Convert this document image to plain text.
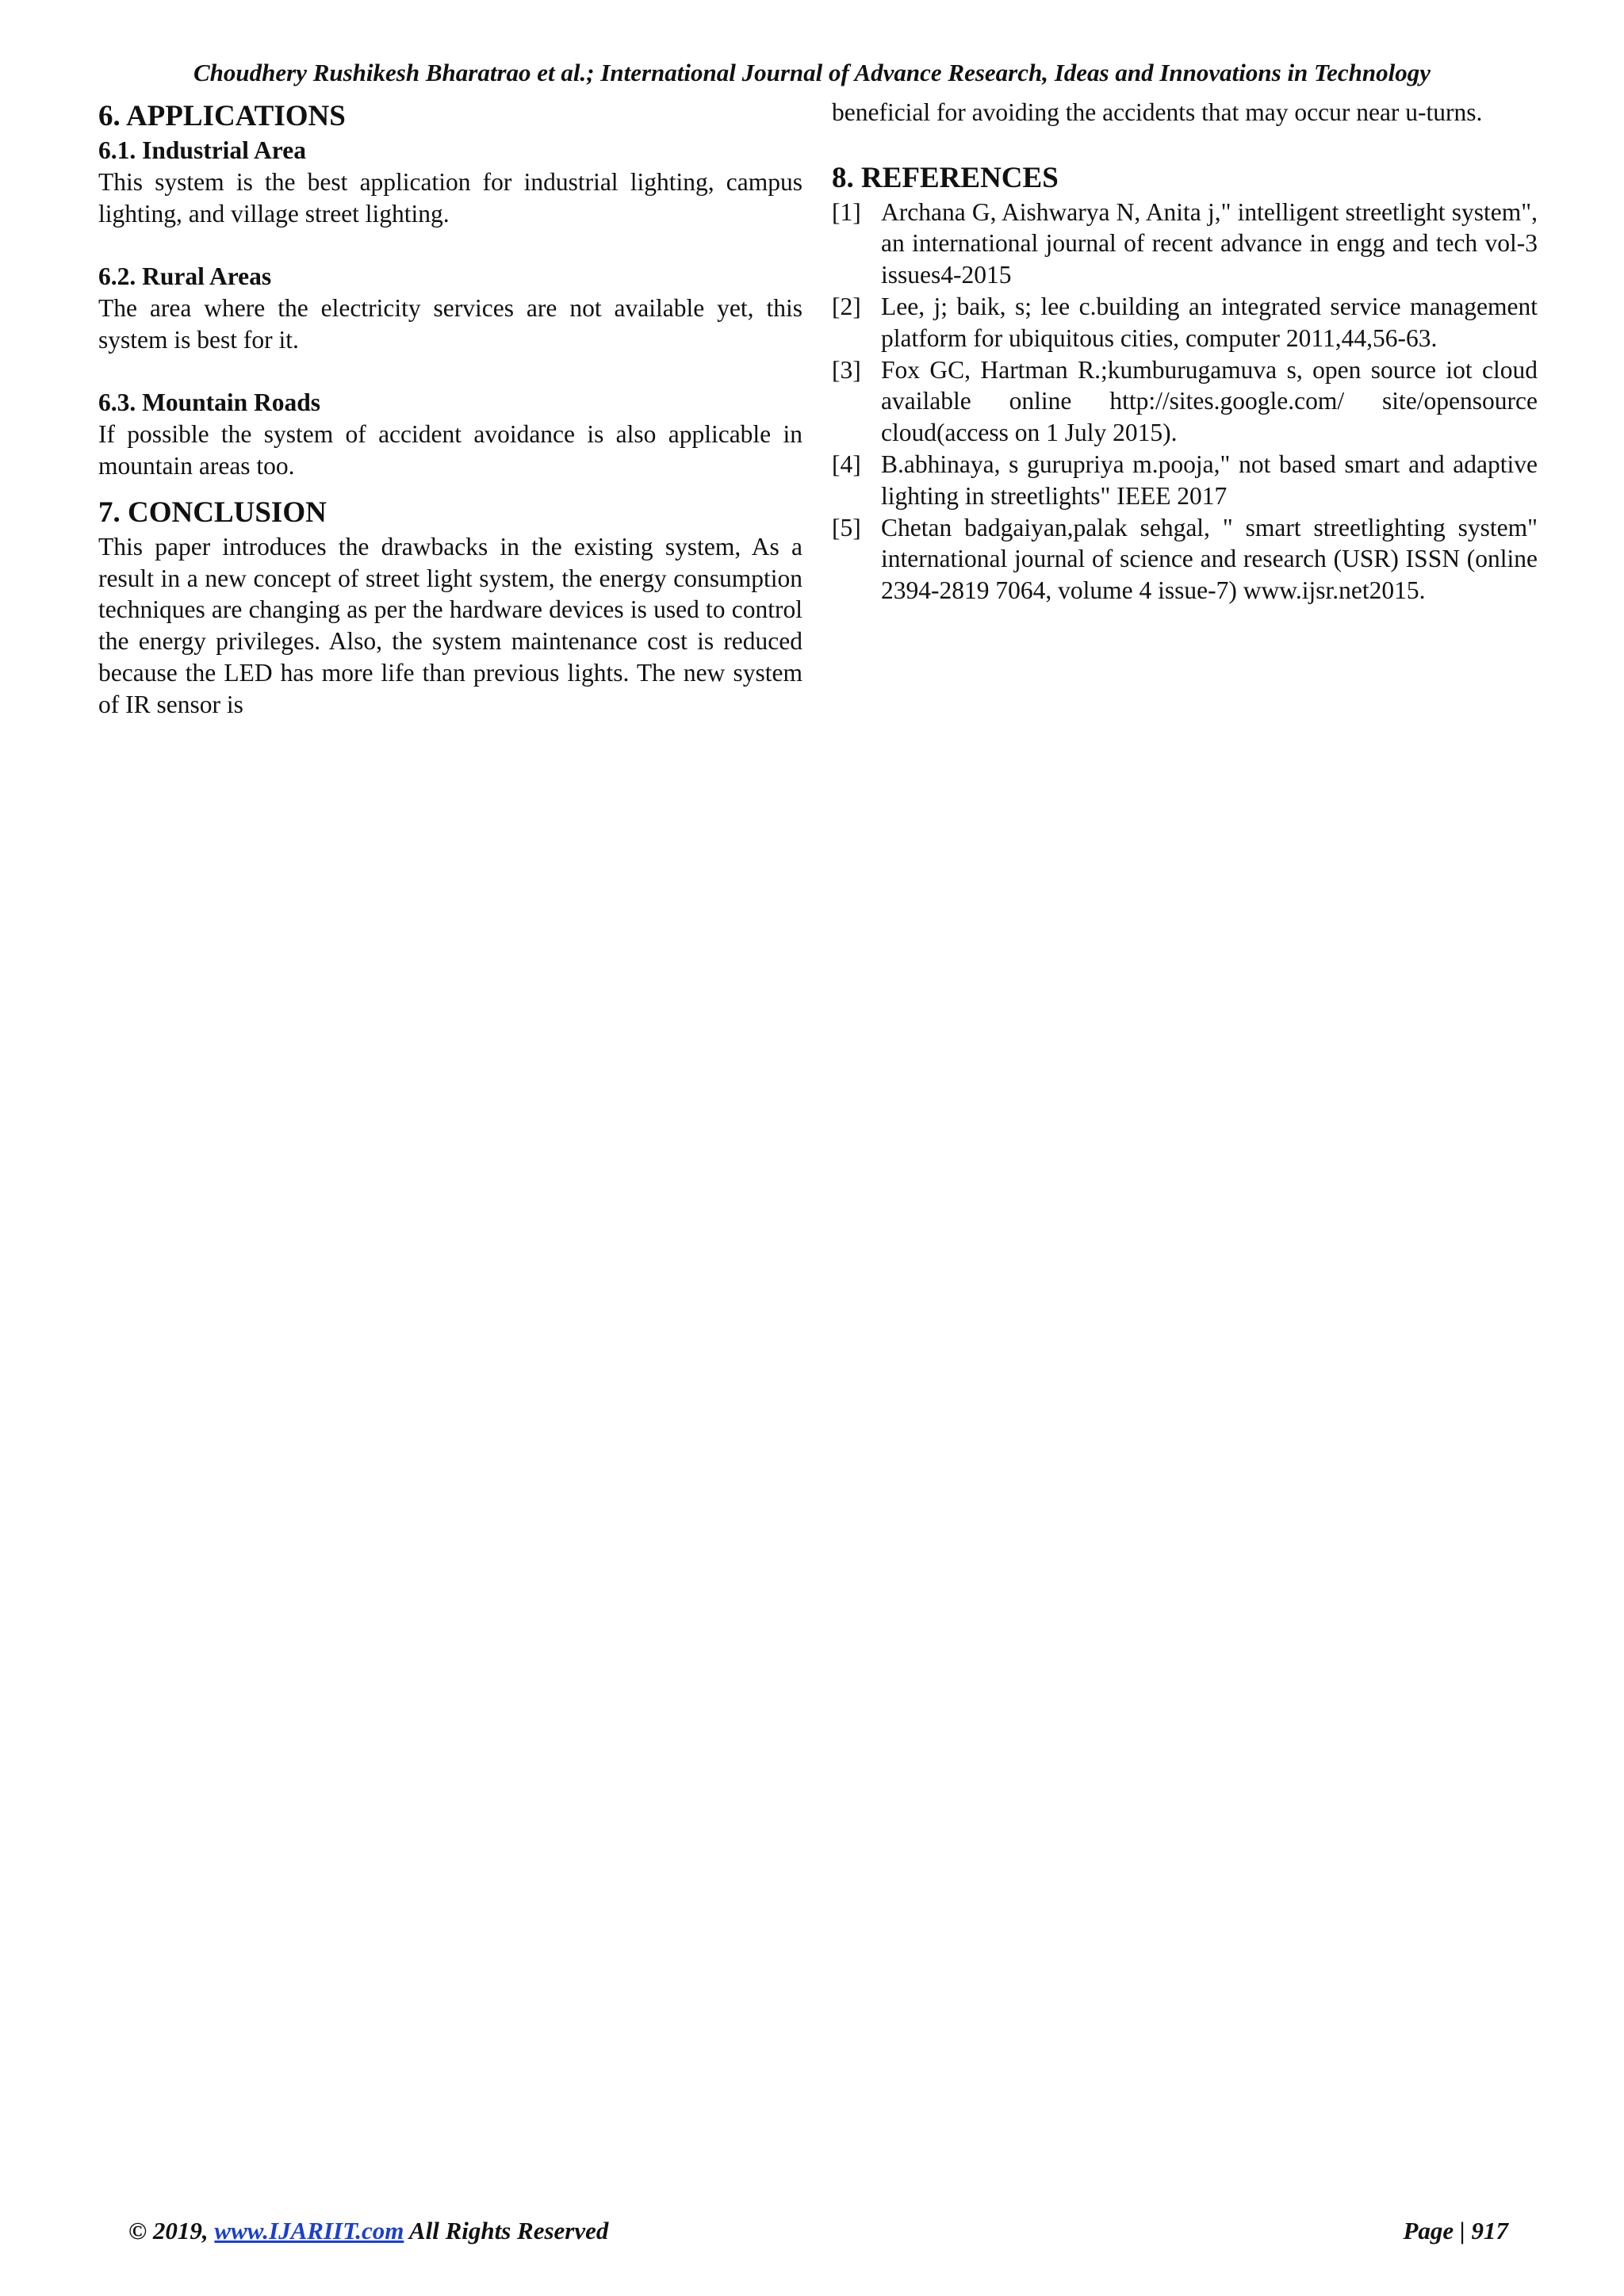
Choudhery Rushikesh Bharatrao et al.; International Journal of Advance Research, Ideas and Innovations in Technology
6. APPLICATIONS
6.1. Industrial Area

This system is the best application for industrial lighting, campus lighting, and village street lighting.

6.2. Rural Areas

The area where the electricity services are not available yet, this system is best for it.

6.3. Mountain Roads

If possible the system of accident avoidance is also applicable in mountain areas too.

7. CONCLUSION

This paper introduces the drawbacks in the existing system, As a result in a new concept of street light system, the energy consumption techniques are changing as per the hardware devices is used to control the energy privileges. Also, the system maintenance cost is reduced because the LED has more life than previous lights. The new system of IR sensor is

beneficial for avoiding the accidents that may occur near u-turns.

8. REFERENCES
[1] Archana G, Aishwarya N, Anita j," intelligent streetlight system", an international journal of recent advance in engg and tech vol-3 issues4-2015
[2] Lee, j; baik, s; lee c.building an integrated service management platform for ubiquitous cities, computer 2011,44,56-63.
[3] Fox GC, Hartman R.;kumburugamuva s, open source iot cloud available online http://sites.google.com/ site/opensource cloud(access on 1 July 2015).
[4] B.abhinaya, s gurupriya m.pooja," not based smart and adaptive lighting in streetlights" IEEE 2017
[5] Chetan badgaiyan,palak sehgal, " smart streetlighting system" international journal of science and research (USR) ISSN (online 2394-2819 7064, volume 4 issue-7) www.ijsr.net2015.
© 2019, www.IJARIIT.com All Rights Reserved	Page | 917
